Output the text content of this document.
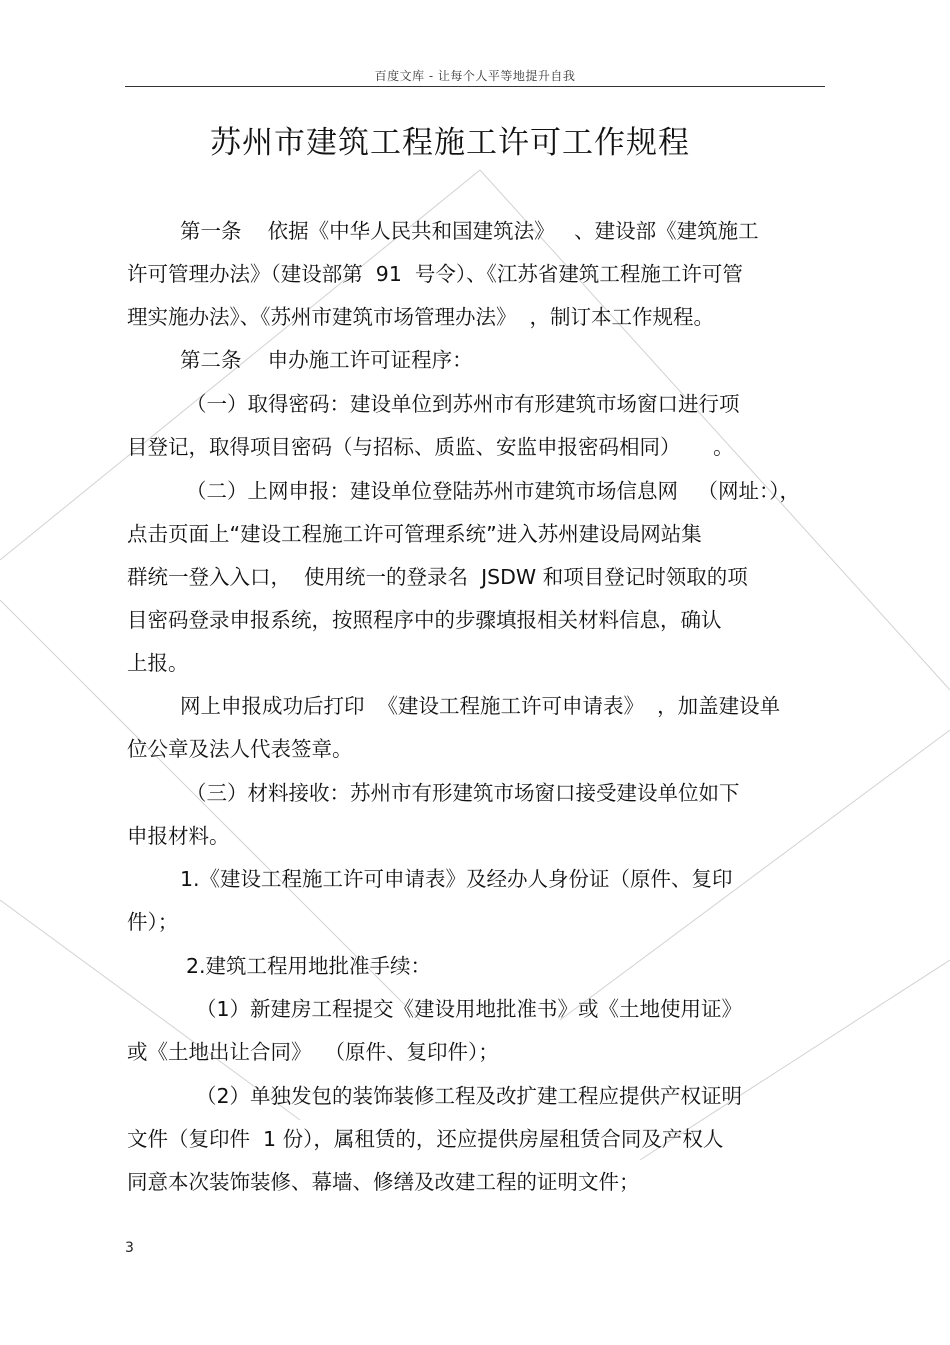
百度文库 - 让每个人平等地提升自我
苏州市建筑工程施工许可工作规程
第一条    依据《中华人民共和国建筑法》   、建设部《建筑施工
许可管理办法》（建设部第  91  号令）、《江苏省建筑工程施工许可管
理实施办法》、《苏州市建筑市场管理办法》  ，制订本工作规程。
第二条    申办施工许可证程序：
（一）取得密码：建设单位到苏州市有形建筑市场窗口进行项
目登记，取得项目密码（与招标、质监、安监申报密码相同）     。
（二）上网申报：建设单位登陆苏州市建筑市场信息网   （网址：），
点击页面上“建设工程施工许可管理系统”进入苏州建设局网站集
群统一登入入口，  使用统一的登录名  JSDW 和项目登记时领取的项
目密码登录申报系统，按照程序中的步骤填报相关材料信息，确认
上报。
网上申报成功后打印  《建设工程施工许可申请表》  ，加盖建设单
位公章及法人代表签章。
（三）材料接收：苏州市有形建筑市场窗口接受建设单位如下
申报材料。
1.《建设工程施工许可申请表》及经办人身份证（原件、复印
件）；
2.建筑工程用地批准手续：
（1）新建房工程提交《建设用地批准书》或《土地使用证》
或《土地出让合同》  （原件、复印件）；
（2）单独发包的装饰装修工程及改扩建工程应提供产权证明
文件（复印件  1 份），属租赁的，还应提供房屋租赁合同及产权人
同意本次装饰装修、幕墙、修缮及改建工程的证明文件；
3
